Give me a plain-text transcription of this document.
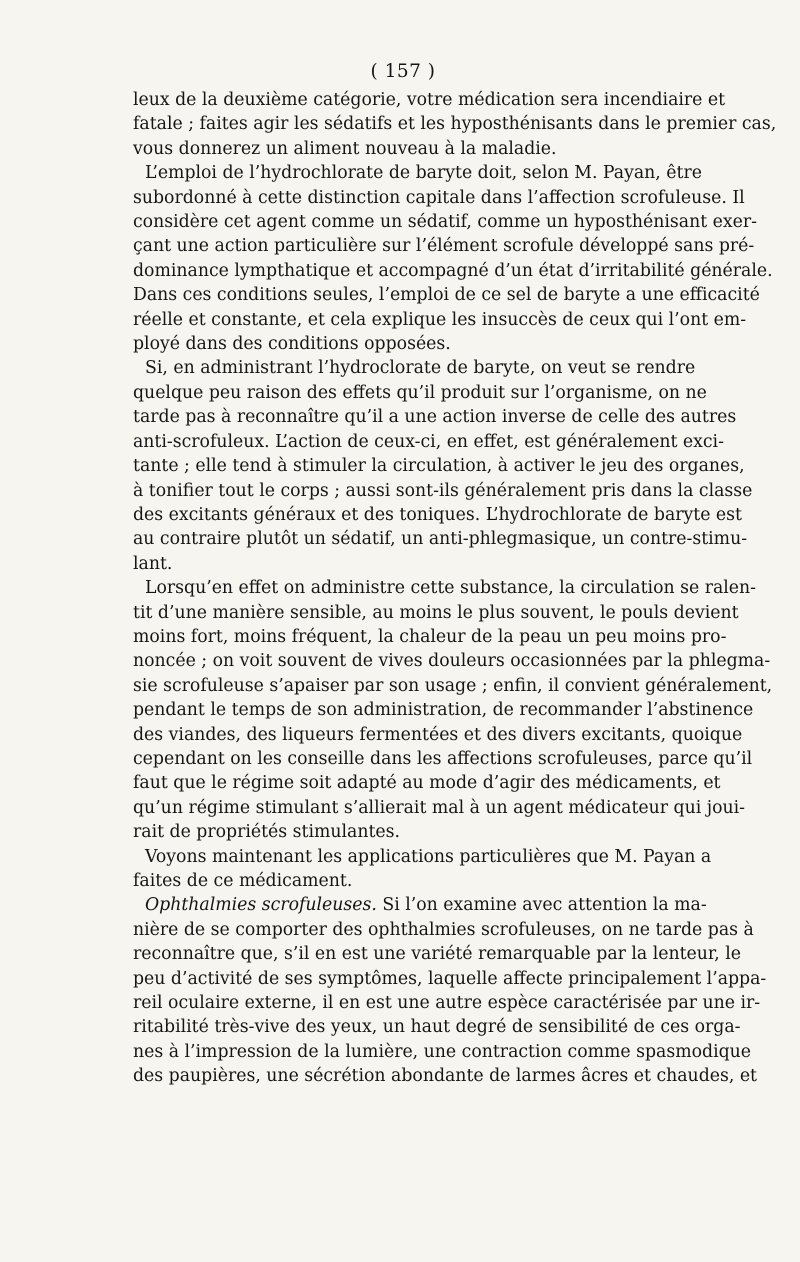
( 157 )
leux de la deuxième catégorie, votre médication sera incendiaire et
fatale ; faites agir les sédatifs et les hyposthénisants dans le premier cas,
vous donnerez un aliment nouveau à la maladie.
L’emploi de l’hydrochlorate de baryte doit, selon M. Payan, être
subordonné à cette distinction capitale dans l’affection scrofuleuse. Il
considère cet agent comme un sédatif, comme un hyposthénisant exer-
çant une action particulière sur l’élément scrofule développé sans pré-
dominance lympthatique et accompagné d’un état d’irritabilité générale.
Dans ces conditions seules, l’emploi de ce sel de baryte a une efficacité
réelle et constante, et cela explique les insuccès de ceux qui l’ont em-
ployé dans des conditions opposées.
Si, en administrant l’hydroclorate de baryte, on veut se rendre
quelque peu raison des effets qu’il produit sur l’organisme, on ne
tarde pas à reconnaître qu’il a une action inverse de celle des autres
anti-scrofuleux. L’action de ceux-ci, en effet, est généralement exci-
tante ; elle tend à stimuler la circulation, à activer le jeu des organes,
à tonifier tout le corps ; aussi sont-ils généralement pris dans la classe
des excitants généraux et des toniques. L’hydrochlorate de baryte est
au contraire plutôt un sédatif, un anti-phlegmasique, un contre-stimu-
lant.
Lorsqu’en effet on administre cette substance, la circulation se ralen-
tit d’une manière sensible, au moins le plus souvent, le pouls devient
moins fort, moins fréquent, la chaleur de la peau un peu moins pro-
noncée ; on voit souvent de vives douleurs occasionnées par la phlegma-
sie scrofuleuse s’apaiser par son usage ; enfin, il convient généralement,
pendant le temps de son administration, de recommander l’abstinence
des viandes, des liqueurs fermentées et des divers excitants, quoique
cependant on les conseille dans les affections scrofuleuses, parce qu’il
faut que le régime soit adapté au mode d’agir des médicaments, et
qu’un régime stimulant s’allierait mal à un agent médicateur qui joui-
rait de propriétés stimulantes.
Voyons maintenant les applications particulières que M. Payan a
faites de ce médicament.
Ophthalmies scrofuleuses. Si l’on examine avec attention la ma-
nière de se comporter des ophthalmies scrofuleuses, on ne tarde pas à
reconnaître que, s’il en est une variété remarquable par la lenteur, le
peu d’activité de ses symptômes, laquelle affecte principalement l’appa-
reil oculaire externe, il en est une autre espèce caractérisée par une ir-
ritabilité très-vive des yeux, un haut degré de sensibilité de ces orga-
nes à l’impression de la lumière, une contraction comme spasmodique
des paupières, une sécrétion abondante de larmes âcres et chaudes, et
